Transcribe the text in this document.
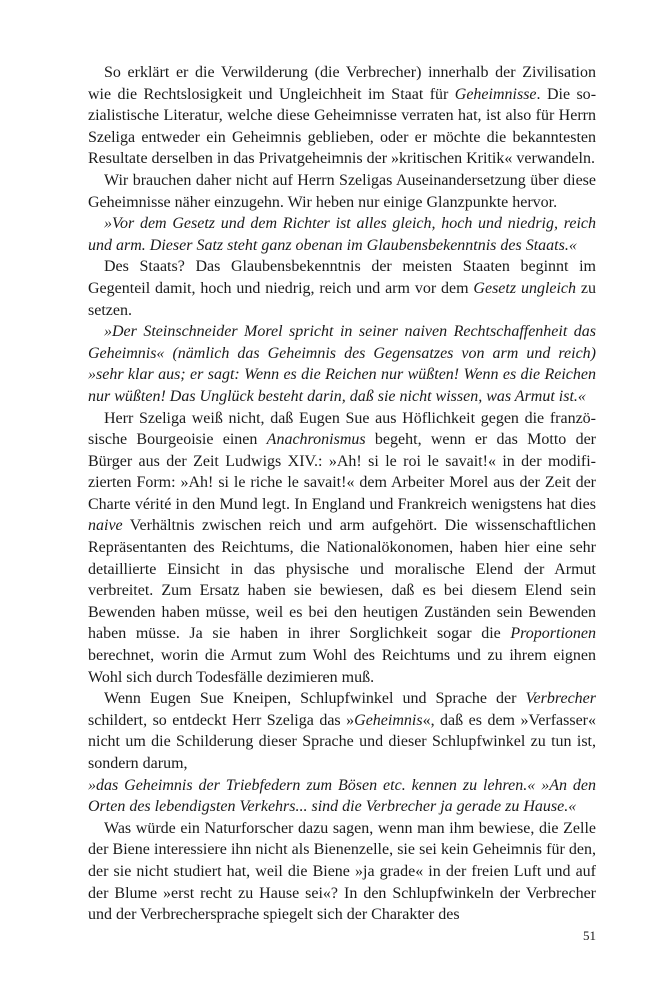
So erklärt er die Verwilderung (die Verbrecher) innerhalb der Zivilisation wie die Rechtslosigkeit und Ungleichheit im Staat für Geheimnisse. Die sozialistische Literatur, welche diese Geheimnisse verraten hat, ist also für Herrn Szeliga entweder ein Geheimnis geblieben, oder er möchte die bekanntesten Resultate derselben in das Privatgeheimnis der »kritischen Kritik« verwandeln.

Wir brauchen daher nicht auf Herrn Szeligas Auseinandersetzung über diese Geheimnisse näher einzugehn. Wir heben nur einige Glanzpunkte hervor.

»Vor dem Gesetz und dem Richter ist alles gleich, hoch und niedrig, reich und arm. Dieser Satz steht ganz obenan im Glaubensbekenntnis des Staats.«

Des Staats? Das Glaubensbekenntnis der meisten Staaten beginnt im Gegenteil damit, hoch und niedrig, reich und arm vor dem Gesetz ungleich zu setzen.

»Der Steinschneider Morel spricht in seiner naiven Rechtschaffenheit das Geheimnis« (nämlich das Geheimnis des Gegensatzes von arm und reich) »sehr klar aus; er sagt: Wenn es die Reichen nur wüßten! Wenn es die Reichen nur wüßten! Das Unglück besteht darin, daß sie nicht wissen, was Armut ist.«

Herr Szeliga weiß nicht, daß Eugen Sue aus Höflichkeit gegen die französische Bourgeoisie einen Anachronismus begeht, wenn er das Motto der Bürger aus der Zeit Ludwigs XIV.: »Ah! si le roi le savait!« in der modifizierten Form: »Ah! si le riche le savait!« dem Arbeiter Morel aus der Zeit der Charte vérité in den Mund legt. In England und Frankreich wenigstens hat dies naive Verhältnis zwischen reich und arm aufgehört. Die wissenschaftlichen Repräsentanten des Reichtums, die Nationalökonomen, haben hier eine sehr detaillierte Einsicht in das physische und moralische Elend der Armut verbreitet. Zum Ersatz haben sie bewiesen, daß es bei diesem Elend sein Bewenden haben müsse, weil es bei den heutigen Zuständen sein Bewenden haben müsse. Ja sie haben in ihrer Sorglichkeit sogar die Proportionen berechnet, worin die Armut zum Wohl des Reichtums und zu ihrem eignen Wohl sich durch Todesfälle dezimieren muß.

Wenn Eugen Sue Kneipen, Schlupfwinkel und Sprache der Verbrecher schildert, so entdeckt Herr Szeliga das »Geheimnis«, daß es dem »Verfasser« nicht um die Schilderung dieser Sprache und dieser Schlupfwinkel zu tun ist, sondern darum,

»das Geheimnis der Triebfedern zum Bösen etc. kennen zu lehren.« »An den Orten des lebendigsten Verkehrs... sind die Verbrecher ja gerade zu Hause.«

Was würde ein Naturforscher dazu sagen, wenn man ihm bewiese, die Zelle der Biene interessiere ihn nicht als Bienenzelle, sie sei kein Geheimnis für den, der sie nicht studiert hat, weil die Biene »ja grade« in der freien Luft und auf der Blume »erst recht zu Hause sei«? In den Schlupfwinkeln der Verbrecher und der Verbrechersprache spiegelt sich der Charakter des

51
